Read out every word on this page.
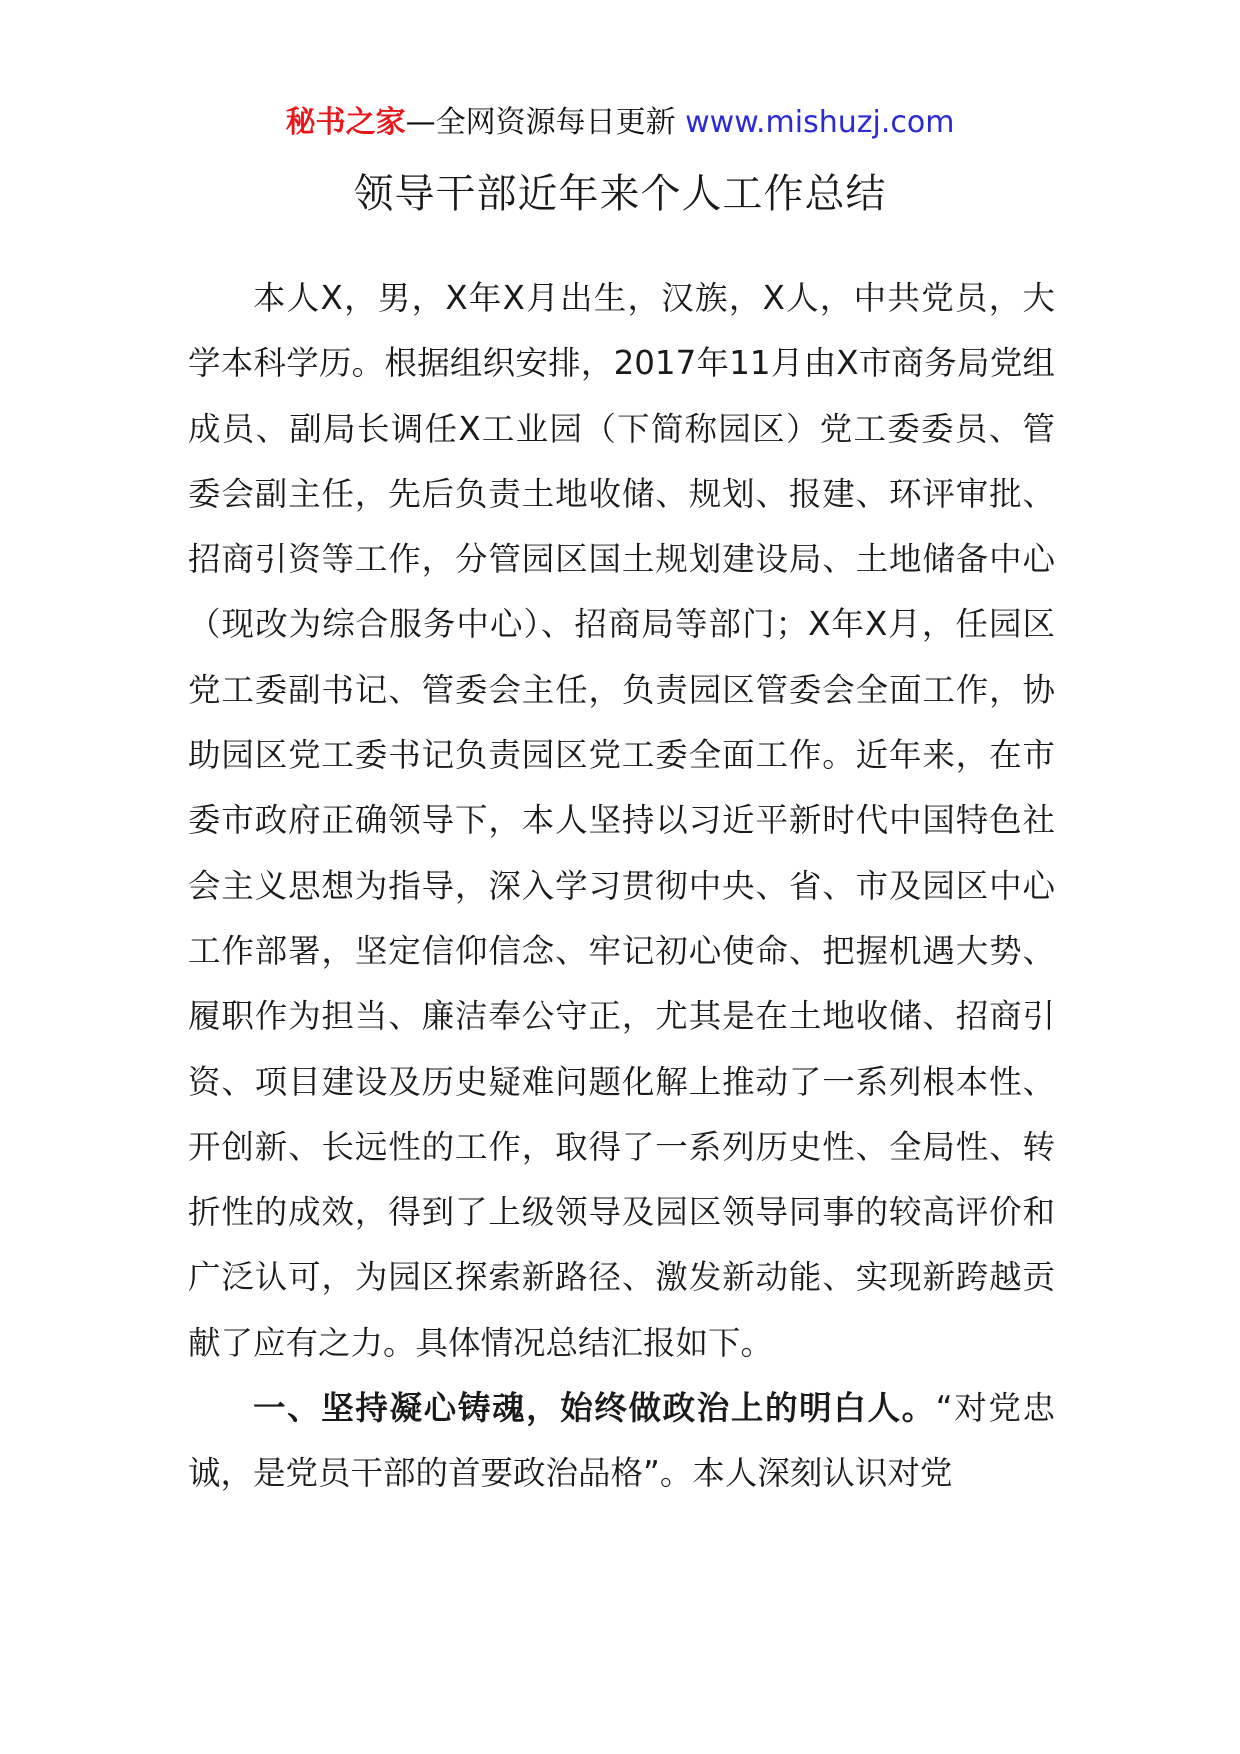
秘书之家—全网资源每日更新 www.mishuzj.com
领导干部近年来个人工作总结

本人X，男，X年X月出生，汉族，X人，中共党员，大学本科学历。根据组织安排，2017年11月由X市商务局党组成员、副局长调任X工业园（下简称园区）党工委委员、管委会副主任，先后负责土地收储、规划、报建、环评审批、招商引资等工作，分管园区国土规划建设局、土地储备中心（现改为综合服务中心）、招商局等部门；X年X月，任园区党工委副书记、管委会主任，负责园区管委会全面工作，协助园区党工委书记负责园区党工委全面工作。近年来，在市委市政府正确领导下，本人坚持以习近平新时代中国特色社会主义思想为指导，深入学习贯彻中央、省、市及园区中心工作部署，坚定信仰信念、牢记初心使命、把握机遇大势、履职作为担当、廉洁奉公守正，尤其是在土地收储、招商引资、项目建设及历史疑难问题化解上推动了一系列根本性、开创新、长远性的工作，取得了一系列历史性、全局性、转折性的成效，得到了上级领导及园区领导同事的较高评价和广泛认可，为园区探索新路径、激发新动能、实现新跨越贡献了应有之力。具体情况总结汇报如下。

一、坚持凝心铸魂，始终做政治上的明白人。“对党忠诚，是党员干部的首要政治品格”。本人深刻认识对党
